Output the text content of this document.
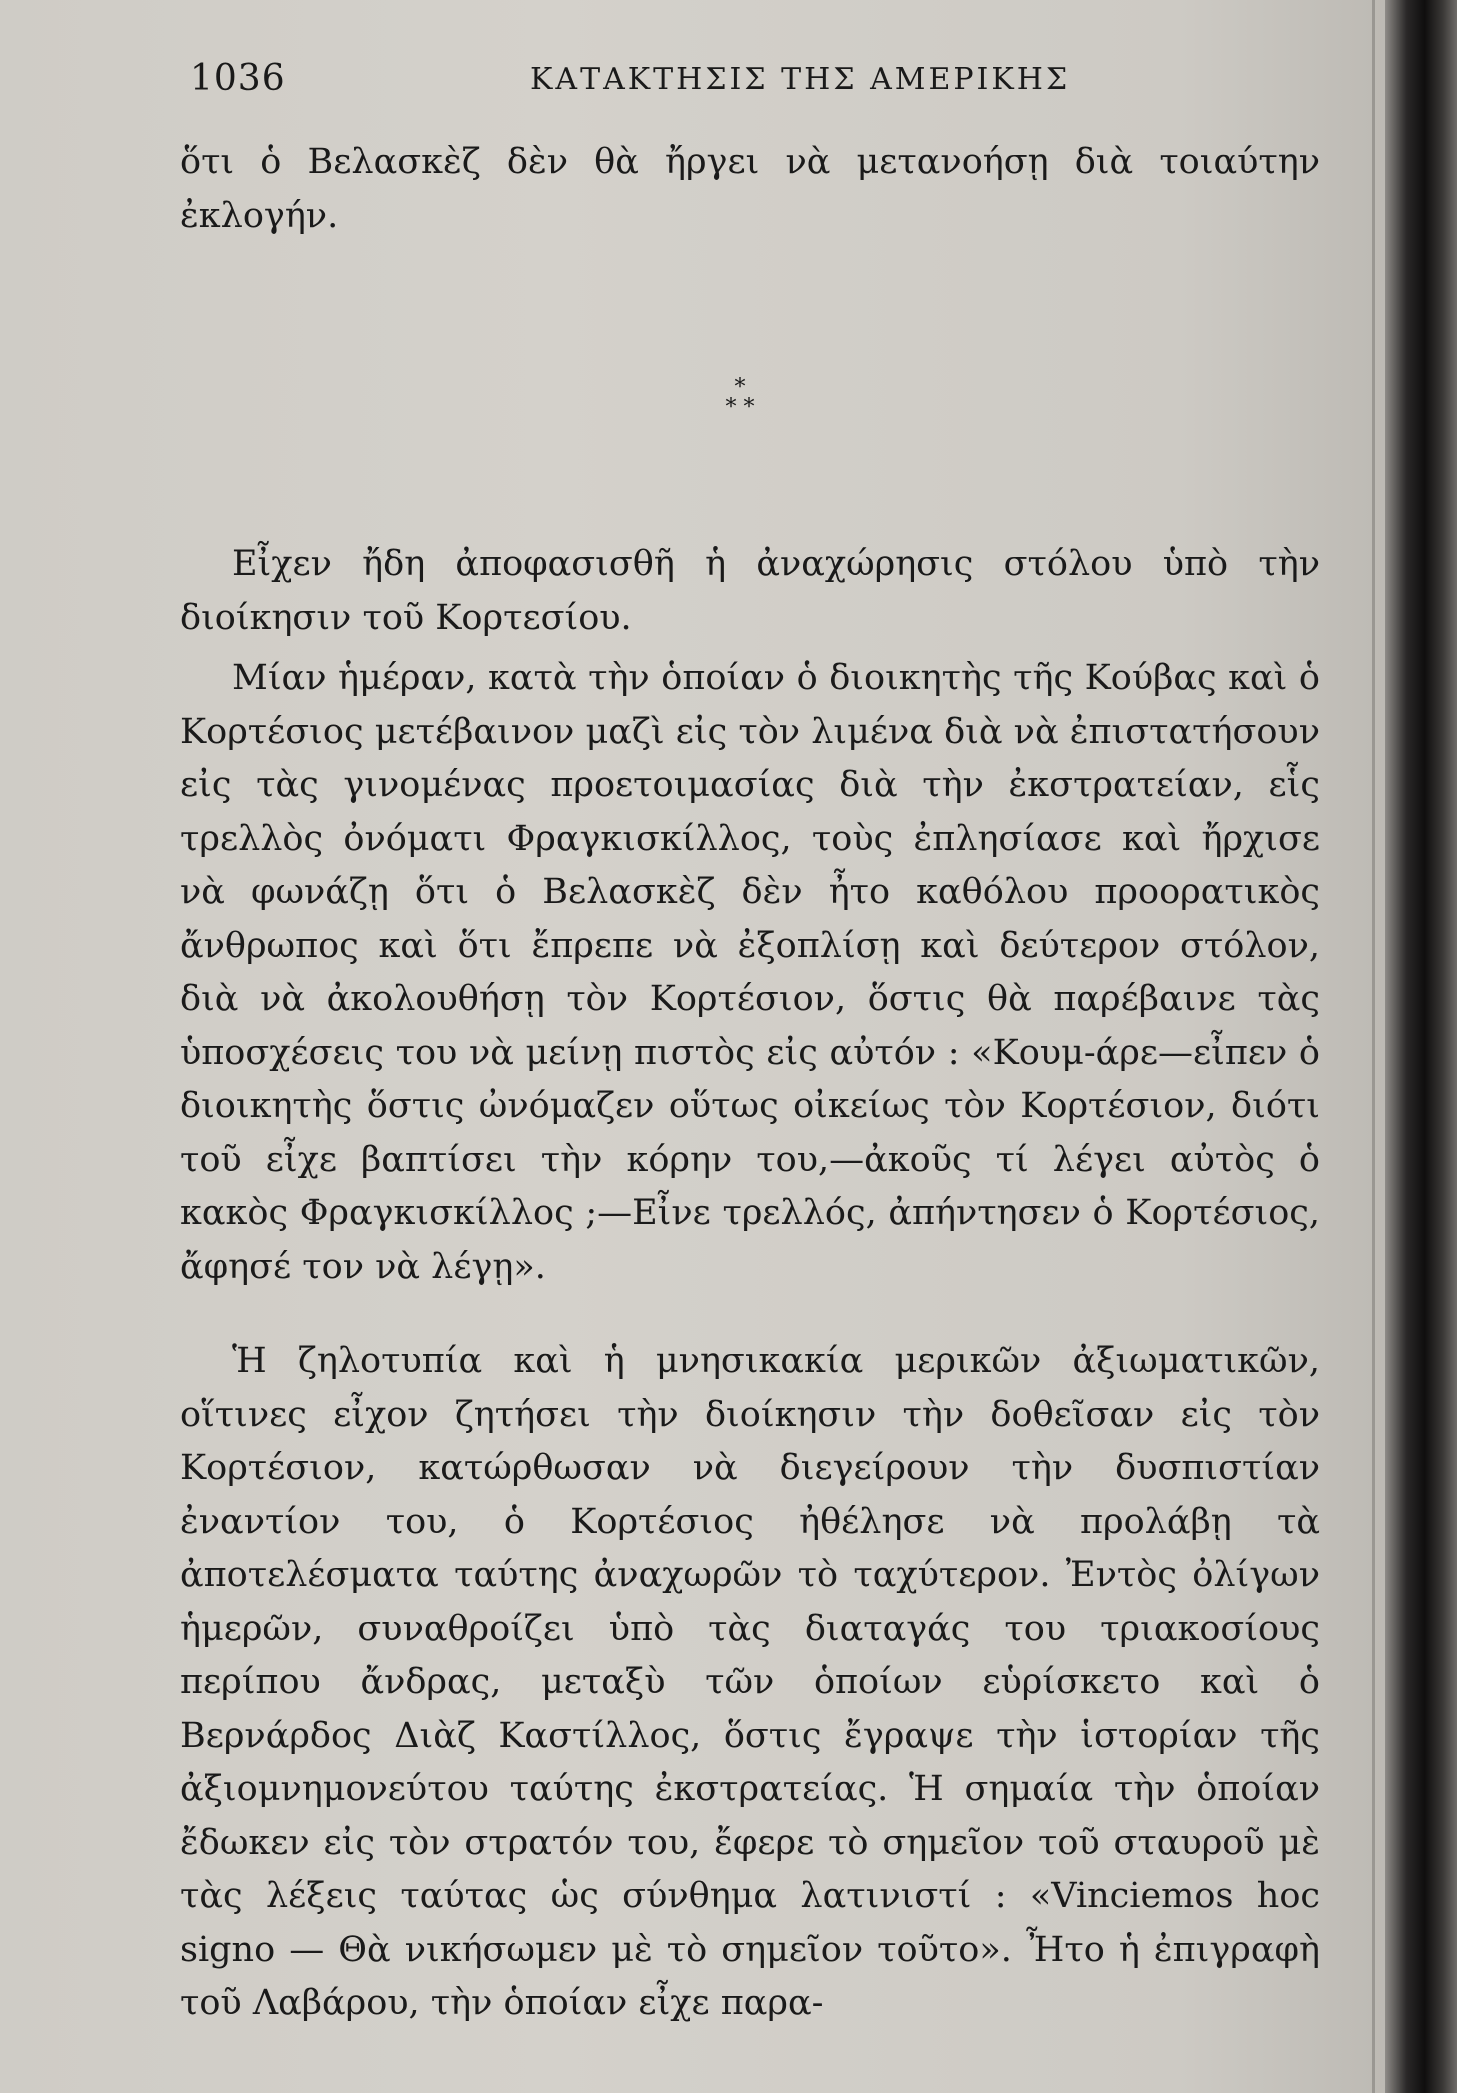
1036	ΚΑΤΑΚΤΗΣΙΣ ΤΗΣ ΑΜΕΡΙΚΗΣ

ὅτι ὁ Βελασκὲζ δὲν θὰ ἤργει νὰ μετανοήσῃ διὰ τοιαύτην ἐκλογήν.

*
* *

Εἶχεν ἤδη ἀποφασισθῆ ἡ ἀναχώρησις στόλου ὑπὸ τὴν διοίκησιν τοῦ Κορτεσίου.

Μίαν ἡμέραν, κατὰ τὴν ὁποίαν ὁ διοικητὴς τῆς Κούβας καὶ ὁ Κορτέσιος μετέβαινον μαζὶ εἰς τὸν λιμένα διὰ νὰ ἐπιστατήσουν εἰς τὰς γινομένας προετοιμασίας διὰ τὴν ἐκστρατείαν, εἷς τρελλὸς ὀνόματι Φραγκισκίλλος, τοὺς ἐπλησίασε καὶ ἤρχισε νὰ φωνάζῃ ὅτι ὁ Βελασκὲζ δὲν ἦτο καθόλου προορατικὸς ἄνθρωπος καὶ ὅτι ἔπρεπε νὰ ἐξοπλίσῃ καὶ δεύτερον στόλον, διὰ νὰ ἀκολουθήσῃ τὸν Κορτέσιον, ὅστις θὰ παρέβαινε τὰς ὑποσχέσεις του νὰ μείνῃ πιστὸς εἰς αὐτόν : «Κουμ-άρε—εἶπεν ὁ διοικητὴς ὅστις ὠνόμαζεν οὕτως οἰκείως τὸν Κορτέσιον, διότι τοῦ εἶχε βαπτίσει τὴν κόρην του,—ἀκοῦς τί λέγει αὐτὸς ὁ κακὸς Φραγκισκίλλος ;—Εἶνε τρελλός, ἀπήντησεν ὁ Κορτέσιος, ἄφησέ τον νὰ λέγῃ».

Ἡ ζηλοτυπία καὶ ἡ μνησικακία μερικῶν ἀξιωματικῶν, οἵτινες εἶχον ζητήσει τὴν διοίκησιν τὴν δοθεῖσαν εἰς τὸν Κορτέσιον, κατώρθωσαν νὰ διεγείρουν τὴν δυσπιστίαν ἐναντίον του, ὁ Κορτέσιος ἠθέλησε νὰ προλάβῃ τὰ ἀποτελέσματα ταύτης ἀναχωρῶν τὸ ταχύτερον. Ἐντὸς ὀλίγων ἡμερῶν, συναθροίζει ὑπὸ τὰς διαταγάς του τριακοσίους περίπου ἄνδρας, μεταξὺ τῶν ὁποίων εὑρίσκετο καὶ ὁ Βερνάρδος Διὰζ Καστίλλος, ὅστις ἔγραψε τὴν ἱστορίαν τῆς ἀξιομνημονεύτου ταύτης ἐκστρατείας. Ἡ σημαία τὴν ὁποίαν ἔδωκεν εἰς τὸν στρατόν του, ἔφερε τὸ σημεῖον τοῦ σταυροῦ μὲ τὰς λέξεις ταύτας ὡς σύνθημα λατινιστί : «Vinciemos hoc signo — Θὰ νικήσωμεν μὲ τὸ σημεῖον τοῦτο». Ἦτο ἡ ἐπιγραφὴ τοῦ Λαβάρου, τὴν ὁποίαν εἶχε παρα-
